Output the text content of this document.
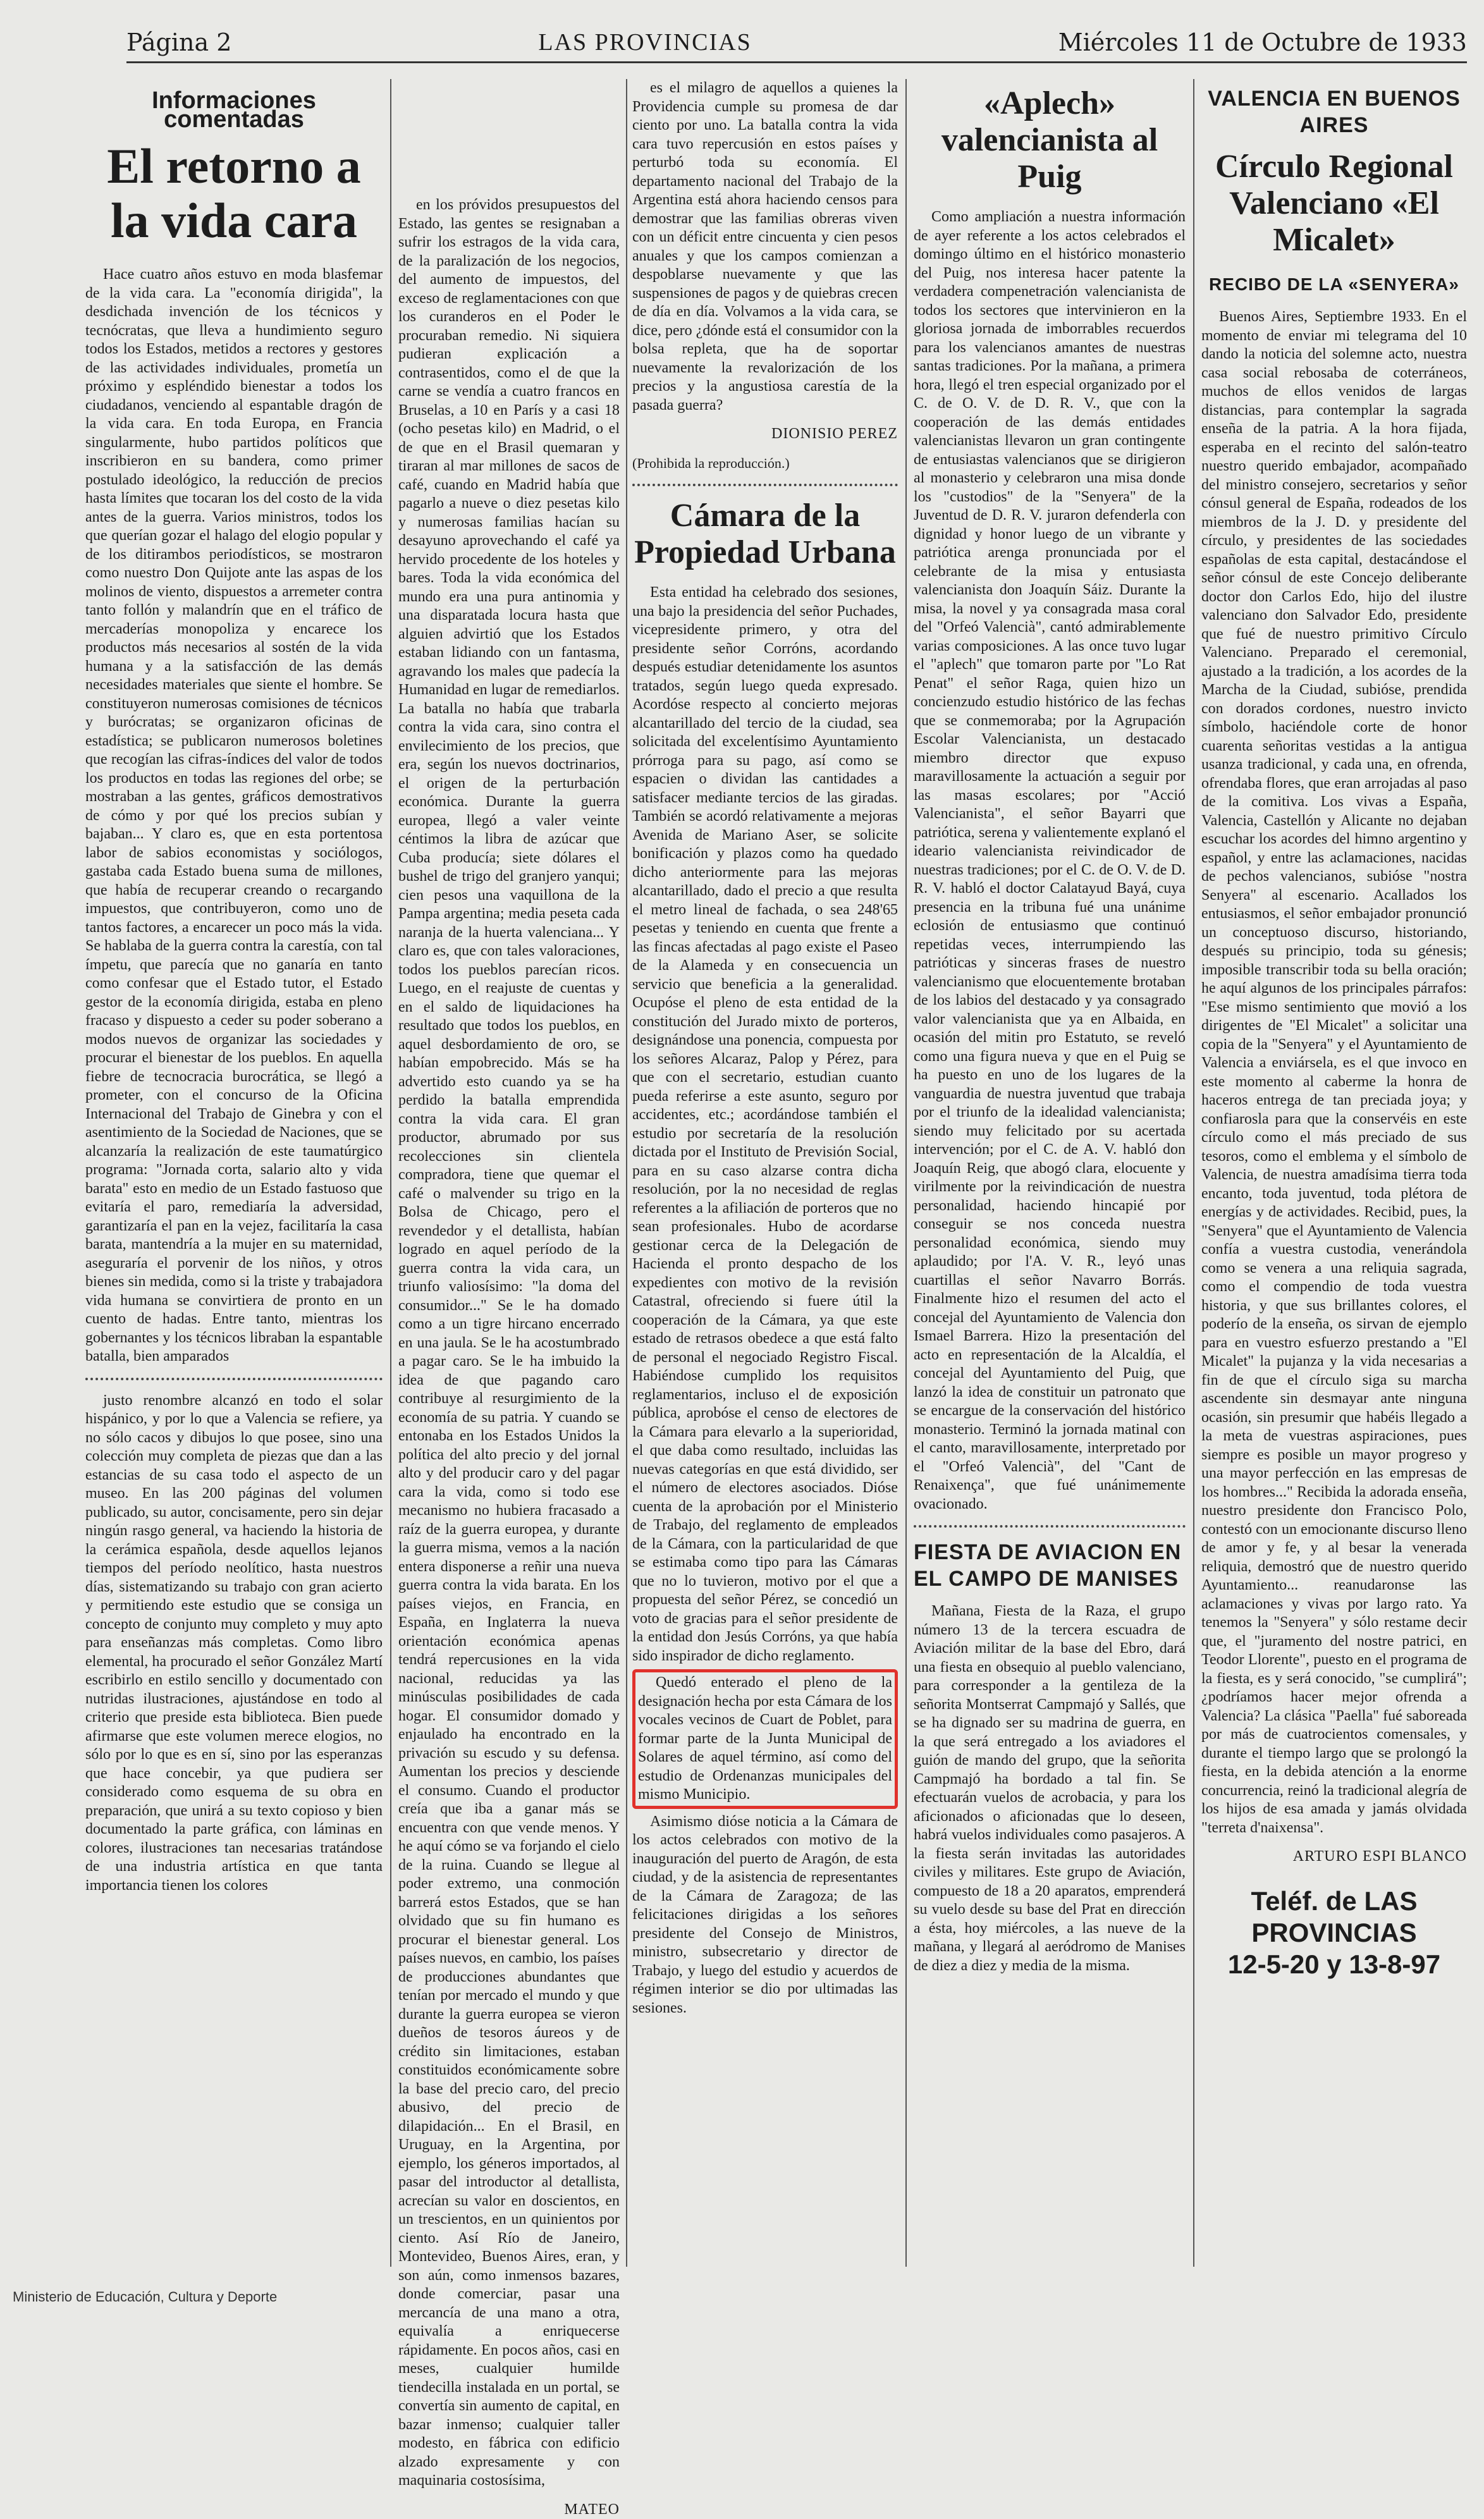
Página 2	LAS PROVINCIAS	Miércoles 11 de Octubre de 1933
Informaciones comentadas
El retorno a la vida cara

Hace cuatro años estuvo en moda blasfemar de la vida cara. La "economía dirigida", la desdichada invención de los técnicos y tecnócratas, que lleva a hundimiento seguro todos los Estados, metidos a rectores y gestores de las actividades individuales, prometía un próximo y espléndido bienestar a todos los ciudadanos, venciendo al espantable dragón de la vida cara. En toda Europa, en Francia singularmente, hubo partidos políticos que inscribieron en su bandera, como primer postulado ideológico, la reducción de precios hasta límites que tocaran los del costo de la vida antes de la guerra. Varios ministros, todos los que querían gozar el halago del elogio popular y de los ditirambos periodísticos, se mostraron como nuestro Don Quijote ante las aspas de los molinos de viento, dispuestos a arremeter contra tanto follón y malandrín que en el tráfico de mercaderías monopoliza y encarece los productos más necesarios al sostén de la vida humana y a la satisfacción de las demás necesidades materiales que siente el hombre. Se constituyeron numerosas comisiones de técnicos y burócratas; se organizaron oficinas de estadística; se publicaron numerosos boletines que recogían las cifras-índices del valor de todos los productos en todas las regiones del orbe; se mostraban a las gentes, gráficos demostrativos de cómo y por qué los precios subían y bajaban... Y claro es, que en esta portentosa labor de sabios economistas y sociólogos, gastaba cada Estado buena suma de millones, que había de recuperar creando o recargando impuestos, que contribuyeron, como uno de tantos factores, a encarecer un poco más la vida. Se hablaba de la guerra contra la carestía, con tal ímpetu, que parecía que no ganaría en tanto como confesar que el Estado tutor, el Estado gestor de la economía dirigida, estaba en pleno fracaso y dispuesto a ceder su poder soberano a modos nuevos de organizar las sociedades y procurar el bienestar de los pueblos. En aquella fiebre de tecnocracia burocrática, se llegó a prometer, con el concurso de la Oficina Internacional del Trabajo de Ginebra y con el asentimiento de la Sociedad de Naciones, que se alcanzaría la realización de este taumatúrgico programa: "Jornada corta, salario alto y vida barata" esto en medio de un Estado fastuoso que evitaría el paro, remediaría la adversidad, garantizaría el pan en la vejez, facilitaría la casa barata, mantendría a la mujer en su maternidad, aseguraría el porvenir de los niños, y otros bienes sin medida, como si la triste y trabajadora vida humana se convirtiera de pronto en un cuento de hadas. Entre tanto, mientras los gobernantes y los técnicos libraban la espantable batalla, bien amparados

justo renombre alcanzó en todo el solar hispánico, y por lo que a Valencia se refiere, ya no sólo cacos y dibujos lo que posee, sino una colección muy completa de piezas que dan a las estancias de su casa todo el aspecto de un museo. En las 200 páginas del volumen publicado, su autor, concisamente, pero sin dejar ningún rasgo general, va haciendo la historia de la cerámica española, desde aquellos lejanos tiempos del período neolítico, hasta nuestros días, sistematizando su trabajo con gran acierto y permitiendo este estudio que se consiga un concepto de conjunto muy completo y muy apto para enseñanzas más completas. Como libro elemental, ha procurado el señor González Martí escribirlo en estilo sencillo y documentado con nutridas ilustraciones, ajustándose en todo al criterio que preside esta biblioteca. Bien puede afirmarse que este volumen merece elogios, no sólo por lo que es en sí, sino por las esperanzas que hace concebir, ya que pudiera ser considerado como esquema de su obra en preparación, que unirá a su texto copioso y bien documentado la parte gráfica, con láminas en colores, ilustraciones tan necesarias tratándose de una industria artística en que tanta importancia tienen los colores

en los próvidos presupuestos del Estado, las gentes se resignaban a sufrir los estragos de la vida cara, de la paralización de los negocios, del aumento de impuestos, del exceso de reglamentaciones con que los curanderos en el Poder le procuraban remedio. Ni siquiera pudieran explicación a contrasentidos, como el de que la carne se vendía a cuatro francos en Bruselas, a 10 en París y a casi 18 (ocho pesetas kilo) en Madrid, o el de que en el Brasil quemaran y tiraran al mar millones de sacos de café, cuando en Madrid había que pagarlo a nueve o diez pesetas kilo y numerosas familias hacían su desayuno aprovechando el café ya hervido procedente de los hoteles y bares. Toda la vida económica del mundo era una pura antinomia y una disparatada locura hasta que alguien advirtió que los Estados estaban lidiando con un fantasma, agravando los males que padecía la Humanidad en lugar de remediarlos. La batalla no había que trabarla contra la vida cara, sino contra el envilecimiento de los precios, que era, según los nuevos doctrinarios, el origen de la perturbación económica. Durante la guerra europea, llegó a valer veinte céntimos la libra de azúcar que Cuba producía; siete dólares el bushel de trigo del granjero yanqui; cien pesos una vaquillona de la Pampa argentina; media peseta cada naranja de la huerta valenciana... Y claro es, que con tales valoraciones, todos los pueblos parecían ricos. Luego, en el reajuste de cuentas y en el saldo de liquidaciones ha resultado que todos los pueblos, en aquel desbordamiento de oro, se habían empobrecido. Más se ha advertido esto cuando ya se ha perdido la batalla emprendida contra la vida cara. El gran productor, abrumado por sus recolecciones sin clientela compradora, tiene que quemar el café o malvender su trigo en la Bolsa de Chicago, pero el revendedor y el detallista, habían logrado en aquel período de la guerra contra la vida cara, un triunfo valiosísimo: "la doma del consumidor..." Se le ha domado como a un tigre hircano encerrado en una jaula. Se le ha acostumbrado a pagar caro. Se le ha imbuido la idea de que pagando caro contribuye al resurgimiento de la economía de su patria. Y cuando se entonaba en los Estados Unidos la política del alto precio y del jornal alto y del producir caro y del pagar cara la vida, como si todo ese mecanismo no hubiera fracasado a raíz de la guerra europea, y durante la guerra misma, vemos a la nación entera disponerse a reñir una nueva guerra contra la vida barata. En los países viejos, en Francia, en España, en Inglaterra la nueva orientación económica apenas tendrá repercusiones en la vida nacional, reducidas ya las minúsculas posibilidades de cada hogar. El consumidor domado y enjaulado ha encontrado en la privación su escudo y su defensa. Aumentan los precios y desciende el consumo. Cuando el productor creía que iba a ganar más se encuentra con que vende menos. Y he aquí cómo se va forjando el cielo de la ruina. Cuando se llegue al poder extremo, una conmoción barrerá estos Estados, que se han olvidado que su fin humano es procurar el bienestar general. Los países nuevos, en cambio, los países de producciones abundantes que tenían por mercado el mundo y que durante la guerra europea se vieron dueños de tesoros áureos y de crédito sin limitaciones, estaban constituidos económicamente sobre la base del precio caro, del precio abusivo, del precio de dilapidación... En el Brasil, en Uruguay, en la Argentina, por ejemplo, los géneros importados, al pasar del introductor al detallista, acrecían su valor en doscientos, en un trescientos, en un quinientos por ciento. Así Río de Janeiro, Montevideo, Buenos Aires, eran, y son aún, como inmensos bazares, donde comerciar, pasar una mercancía de una mano a otra, equivalía a enriquecerse rápidamente. En pocos años, casi en meses, cualquier humilde tiendecilla instalada en un portal, se convertía sin aumento de capital, en bazar inmenso; cualquier taller modesto, en fábrica con edificio alzado expresamente y con maquinaria costosísima,

MATEO

es el milagro de aquellos a quienes la Providencia cumple su promesa de dar ciento por uno. La batalla contra la vida cara tuvo repercusión en estos países y perturbó toda su economía. El departamento nacional del Trabajo de la Argentina está ahora haciendo censos para demostrar que las familias obreras viven con un déficit entre cincuenta y cien pesos anuales y que los campos comienzan a despoblarse nuevamente y que las suspensiones de pagos y de quiebras crecen de día en día. Volvamos a la vida cara, se dice, pero ¿dónde está el consumidor con la bolsa repleta, que ha de soportar nuevamente la revalorización de los precios y la angustiosa carestía de la pasada guerra?

DIONISIO PEREZ
(Prohibida la reproducción.)
Cámara de la Propiedad Urbana

Esta entidad ha celebrado dos sesiones, una bajo la presidencia del señor Puchades, vicepresidente primero, y otra del presidente señor Corróns, acordando después estudiar detenidamente los asuntos tratados, según luego queda expresado. Acordóse respecto al concierto mejoras alcantarillado del tercio de la ciudad, sea solicitada del excelentísimo Ayuntamiento prórroga para su pago, así como se espacien o dividan las cantidades a satisfacer mediante tercios de las giradas. También se acordó relativamente a mejoras Avenida de Mariano Aser, se solicite bonificación y plazos como ha quedado dicho anteriormente para las mejoras alcantarillado, dado el precio a que resulta el metro lineal de fachada, o sea 248'65 pesetas y teniendo en cuenta que frente a las fincas afectadas al pago existe el Paseo de la Alameda y en consecuencia un servicio que beneficia a la generalidad. Ocupóse el pleno de esta entidad de la constitución del Jurado mixto de porteros, designándose una ponencia, compuesta por los señores Alcaraz, Palop y Pérez, para que con el secretario, estudian cuanto pueda referirse a este asunto, seguro por accidentes, etc.; acordándose también el estudio por secretaría de la resolución dictada por el Instituto de Previsión Social, para en su caso alzarse contra dicha resolución, por la no necesidad de reglas referentes a la afiliación de porteros que no sean profesionales. Hubo de acordarse gestionar cerca de la Delegación de Hacienda el pronto despacho de los expedientes con motivo de la revisión Catastral, ofreciendo si fuere útil la cooperación de la Cámara, ya que este estado de retrasos obedece a que está falto de personal el negociado Registro Fiscal. Habiéndose cumplido los requisitos reglamentarios, incluso el de exposición pública, aprobóse el censo de electores de la Cámara para elevarlo a la superioridad, el que daba como resultado, incluidas las nuevas categorías en que está dividido, ser el número de electores asociados. Dióse cuenta de la aprobación por el Ministerio de Trabajo, del reglamento de empleados de la Cámara, con la particularidad de que se estimaba como tipo para las Cámaras que no lo tuvieron, motivo por el que a propuesta del señor Pérez, se concedió un voto de gracias para el señor presidente de la entidad don Jesús Corróns, ya que había sido inspirador de dicho reglamento.

Quedó enterado el pleno de la designación hecha por esta Cámara de los vocales vecinos de Cuart de Poblet, para formar parte de la Junta Municipal de Solares de aquel término, así como del estudio de Ordenanzas municipales del mismo Municipio.

Asimismo dióse noticia a la Cámara de los actos celebrados con motivo de la inauguración del puerto de Aragón, de esta ciudad, y de la asistencia de representantes de la Cámara de Zaragoza; de las felicitaciones dirigidas a los señores presidente del Consejo de Ministros, ministro, subsecretario y director de Trabajo, y luego del estudio y acuerdos de régimen interior se dio por ultimadas las sesiones.

«Aplech» valencianista al Puig

Como ampliación a nuestra información de ayer referente a los actos celebrados el domingo último en el histórico monasterio del Puig, nos interesa hacer patente la verdadera compenetración valencianista de todos los sectores que intervinieron en la gloriosa jornada de imborrables recuerdos para los valencianos amantes de nuestras santas tradiciones. Por la mañana, a primera hora, llegó el tren especial organizado por el C. de O. V. de D. R. V., que con la cooperación de las demás entidades valencianistas llevaron un gran contingente de entusiastas valencianos que se dirigieron al monasterio y celebraron una misa donde los "custodios" de la "Senyera" de la Juventud de D. R. V. juraron defenderla con dignidad y honor luego de un vibrante y patriótica arenga pronunciada por el celebrante de la misa y entusiasta valencianista don Joaquín Sáiz. Durante la misa, la novel y ya consagrada masa coral del "Orfeó Valencià", cantó admirablemente varias composiciones. A las once tuvo lugar el "aplech" que tomaron parte por "Lo Rat Penat" el señor Raga, quien hizo un concienzudo estudio histórico de las fechas que se conmemoraba; por la Agrupación Escolar Valencianista, un destacado miembro director que expuso maravillosamente la actuación a seguir por las masas escolares; por "Acció Valencianista", el señor Bayarri que patriótica, serena y valientemente explanó el ideario valencianista reivindicador de nuestras tradiciones; por el C. de O. V. de D. R. V. habló el doctor Calatayud Bayá, cuya presencia en la tribuna fué una unánime eclosión de entusiasmo que continuó repetidas veces, interrumpiendo las patrióticas y sinceras frases de nuestro valencianismo que elocuentemente brotaban de los labios del destacado y ya consagrado valor valencianista que ya en Albaida, en ocasión del mitin pro Estatuto, se reveló como una figura nueva y que en el Puig se ha puesto en uno de los lugares de la vanguardia de nuestra juventud que trabaja por el triunfo de la idealidad valencianista; siendo muy felicitado por su acertada intervención; por el C. de A. V. habló don Joaquín Reig, que abogó clara, elocuente y virilmente por la reivindicación de nuestra personalidad, haciendo hincapié por conseguir se nos conceda nuestra personalidad económica, siendo muy aplaudido; por l'A. V. R., leyó unas cuartillas el señor Navarro Borrás. Finalmente hizo el resumen del acto el concejal del Ayuntamiento de Valencia don Ismael Barrera. Hizo la presentación del acto en representación de la Alcaldía, el concejal del Ayuntamiento del Puig, que lanzó la idea de constituir un patronato que se encargue de la conservación del histórico monasterio. Terminó la jornada matinal con el canto, maravillosamente, interpretado por el "Orfeó Valencià", del "Cant de Renaixença", que fué unánimemente ovacionado.

FIESTA DE AVIACION EN EL CAMPO DE MANISES

Mañana, Fiesta de la Raza, el grupo número 13 de la tercera escuadra de Aviación militar de la base del Ebro, dará una fiesta en obsequio al pueblo valenciano, para corresponder a la gentileza de la señorita Montserrat Campmajó y Sallés, que se ha dignado ser su madrina de guerra, en la que será entregado a los aviadores el guión de mando del grupo, que la señorita Campmajó ha bordado a tal fin. Se efectuarán vuelos de acrobacia, y para los aficionados o aficionadas que lo deseen, habrá vuelos individuales como pasajeros. A la fiesta serán invitadas las autoridades civiles y militares. Este grupo de Aviación, compuesto de 18 a 20 aparatos, emprenderá su vuelo desde su base del Prat en dirección a ésta, hoy miércoles, a las nueve de la mañana, y llegará al aeródromo de Manises de diez a diez y media de la misma.

VALENCIA EN BUENOS AIRES
Círculo Regional Valenciano «El Micalet»
RECIBO DE LA «SENYERA»

Buenos Aires, Septiembre 1933. En el momento de enviar mi telegrama del 10 dando la noticia del solemne acto, nuestra casa social rebosaba de coterráneos, muchos de ellos venidos de largas distancias, para contemplar la sagrada enseña de la patria. A la hora fijada, esperaba en el recinto del salón-teatro nuestro querido embajador, acompañado del ministro consejero, secretarios y señor cónsul general de España, rodeados de los miembros de la J. D. y presidente del círculo, y presidentes de las sociedades españolas de esta capital, destacándose el señor cónsul de este Concejo deliberante doctor don Carlos Edo, hijo del ilustre valenciano don Salvador Edo, presidente que fué de nuestro primitivo Círculo Valenciano. Preparado el ceremonial, ajustado a la tradición, a los acordes de la Marcha de la Ciudad, subióse, prendida con dorados cordones, nuestro invicto símbolo, haciéndole corte de honor cuarenta señoritas vestidas a la antigua usanza tradicional, y cada una, en ofrenda, ofrendaba flores, que eran arrojadas al paso de la comitiva. Los vivas a España, Valencia, Castellón y Alicante no dejaban escuchar los acordes del himno argentino y español, y entre las aclamaciones, nacidas de pechos valencianos, subióse "nostra Senyera" al escenario. Acallados los entusiasmos, el señor embajador pronunció un conceptuoso discurso, historiando, después su principio, toda su génesis; imposible transcribir toda su bella oración; he aquí algunos de los principales párrafos: "Ese mismo sentimiento que movió a los dirigentes de "El Micalet" a solicitar una copia de la "Senyera" y el Ayuntamiento de Valencia a enviársela, es el que invoco en este momento al caberme la honra de haceros entrega de tan preciada joya; y confiarosla para que la conservéis en este círculo como el más preciado de sus tesoros, como el emblema y el símbolo de Valencia, de nuestra amadísima tierra toda encanto, toda juventud, toda plétora de energías y de actividades. Recibid, pues, la "Senyera" que el Ayuntamiento de Valencia confía a vuestra custodia, venerándola como se venera a una reliquia sagrada, como el compendio de toda vuestra historia, y que sus brillantes colores, el poderío de la enseña, os sirvan de ejemplo para en vuestro esfuerzo prestando a "El Micalet" la pujanza y la vida necesarias a fin de que el círculo siga su marcha ascendente sin desmayar ante ninguna ocasión, sin presumir que habéis llegado a la meta de vuestras aspiraciones, pues siempre es posible un mayor progreso y una mayor perfección en las empresas de los hombres..." Recibida la adorada enseña, nuestro presidente don Francisco Polo, contestó con un emocionante discurso lleno de amor y fe, y al besar la venerada reliquia, demostró que de nuestro querido Ayuntamiento... reanudaronse las aclamaciones y vivas por largo rato. Ya tenemos la "Senyera" y sólo restame decir que, el "juramento del nostre patrici, en Teodor Llorente", puesto en el programa de la fiesta, es y será conocido, "se cumplirá"; ¿podríamos hacer mejor ofrenda a Valencia? La clásica "Paella" fué saboreada por más de cuatrocientos comensales, y durante el tiempo largo que se prolongó la fiesta, en la debida atención a la enorme concurrencia, reinó la tradicional alegría de los hijos de esa amada y jamás olvidada "terreta d'naixensa".

ARTURO ESPI BLANCO
Teléf. de LAS PROVINCIAS
12-5-20 y 13-8-97
Ministerio de Educación, Cultura y Deporte
